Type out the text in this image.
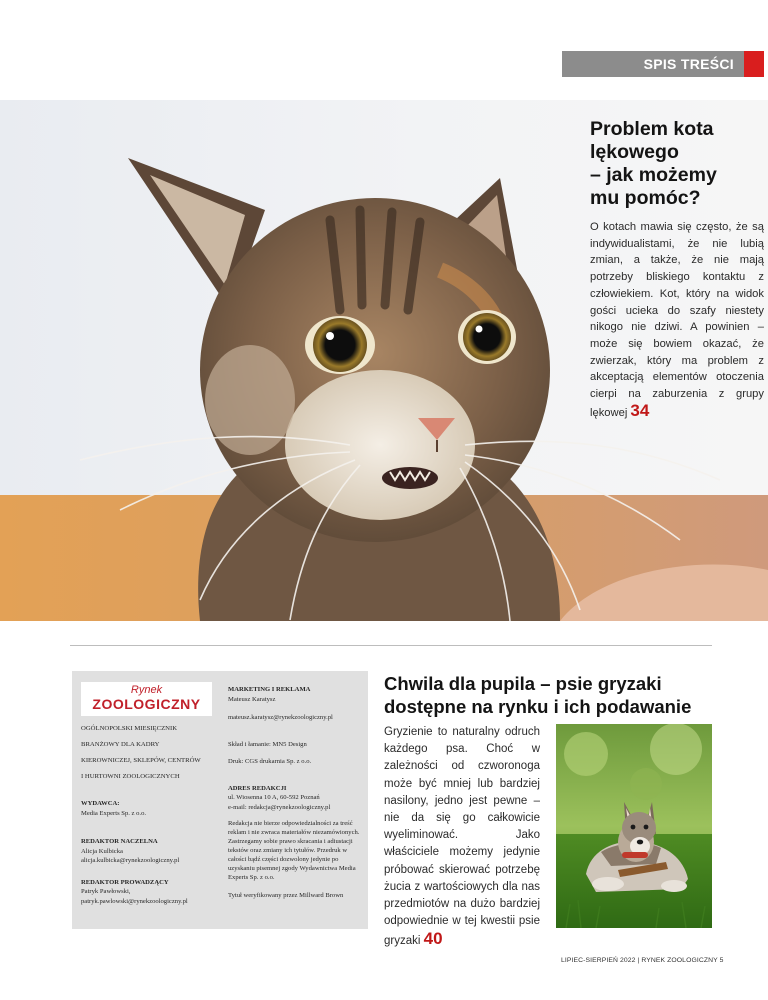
SPIS TREŚCI
Problem kota
lękowego
– jak możemy
mu pomóc?

O kotach mawia się często, że są indywidualistami, że nie lubią zmian, a także, że nie mają potrzeby bliskiego kontaktu z człowiekiem. Kot, który na widok gości ucieka do szafy niestety nikogo nie dziwi. A powinien – może się bowiem okazać, że zwierzak, który ma problem z akceptacją elementów otoczenia cierpi na zaburzenia z grupy lękowej 34

Rynek
ZOOLOGICZNY

OGÓLNOPOLSKI MIESIĘCZNIK
BRANŻOWY DLA KADRY
KIEROWNICZEJ, SKLEPÓW, CENTRÓW
I HURTOWNI ZOOLOGICZNYCH

WYDAWCA:
Media Experts Sp. z o.o.

REDAKTOR NACZELNA
Alicja Kulbicka
alicja.kulbicka@rynekzoologiczny.pl

REDAKTOR PROWADZĄCY
Patryk Pawłowski,
patryk.pawlowski@rynekzoologiczny.pl

MARKETING I REKLAMA
Mateusz Karatysz

mateusz.karatysz@rynekzoologiczny.pl

Skład i łamanie: MN5 Design

Druk: CGS drukarnia Sp. z o.o.

ADRES REDAKCJI
ul. Wiosenna 10 A, 60-592 Poznań
e-mail: redakcja@rynekzoologiczny.pl

Redakcja nie bierze odpowiedzialności za treść reklam i nie zwraca materiałów niezamówionych. Zastrzegamy sobie prawo skracania i adiustacji tekstów oraz zmiany ich tytułów. Przedruk w całości bądź części dozwolony jedynie po uzyskaniu pisemnej zgody Wydawnictwa Media Experts Sp. z o.o.

Tytuł weryfikowany przez Millward Brown

Chwila dla pupila – psie gryzaki
dostępne na rynku i ich podawanie

Gryzienie to naturalny odruch każdego psa. Choć w zależności od czworonoga może być mniej lub bardziej nasilony, jedno jest pewne – nie da się go całkowicie wyeliminować. Jako właściciele możemy jedynie próbować skierować potrzebę żucia z wartościowych dla nas przedmiotów na dużo bardziej odpowiednie w tej kwestii psie gryzaki 40

LIPIEC-SIERPIEŃ 2022 | RYNEK ZOOLOGICZNY 5
